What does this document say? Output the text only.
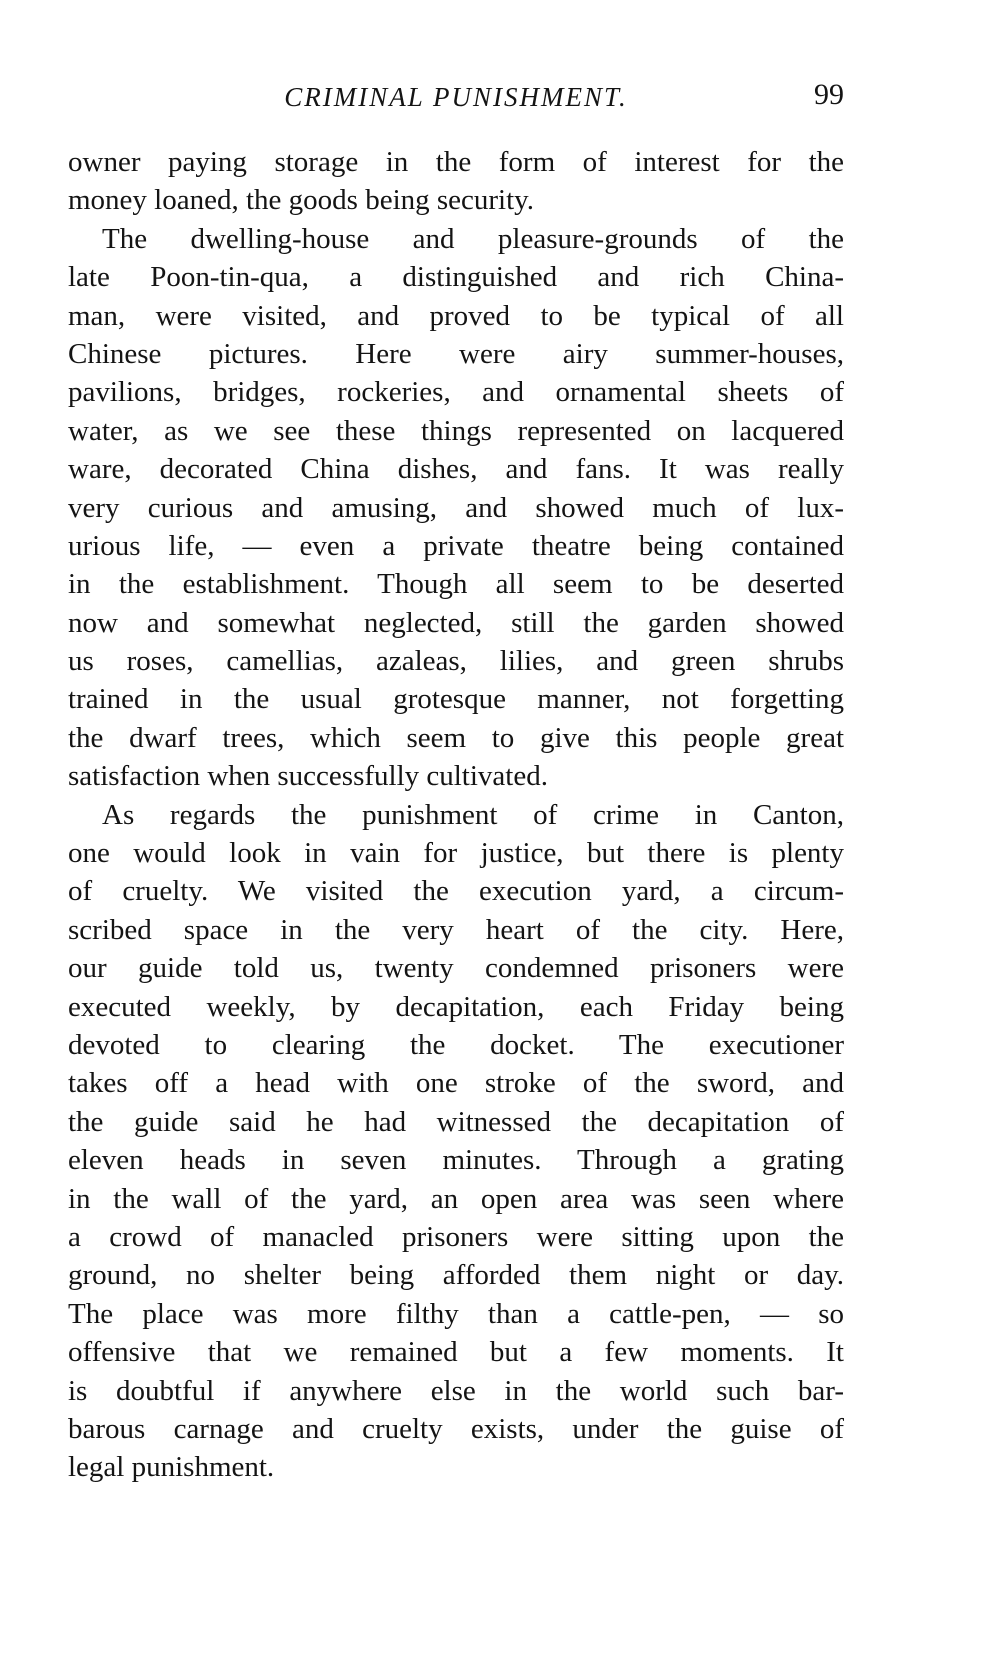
CRIMINAL PUNISHMENT.	99
owner paying storage in the form of interest for the
money loaned, the goods being security.
The dwelling-house and pleasure-grounds of the
late Poon-tin-qua, a distinguished and rich China-
man, were visited, and proved to be typical of all
Chinese pictures. Here were airy summer-houses,
pavilions, bridges, rockeries, and ornamental sheets of
water, as we see these things represented on lacquered
ware, decorated China dishes, and fans. It was really
very curious and amusing, and showed much of lux-
urious life, — even a private theatre being contained
in the establishment. Though all seem to be deserted
now and somewhat neglected, still the garden showed
us roses, camellias, azaleas, lilies, and green shrubs
trained in the usual grotesque manner, not forgetting
the dwarf trees, which seem to give this people great
satisfaction when successfully cultivated.
As regards the punishment of crime in Canton,
one would look in vain for justice, but there is plenty
of cruelty. We visited the execution yard, a circum-
scribed space in the very heart of the city. Here,
our guide told us, twenty condemned prisoners were
executed weekly, by decapitation, each Friday being
devoted to clearing the docket. The executioner
takes off a head with one stroke of the sword, and
the guide said he had witnessed the decapitation of
eleven heads in seven minutes. Through a grating
in the wall of the yard, an open area was seen where
a crowd of manacled prisoners were sitting upon the
ground, no shelter being afforded them night or day.
The place was more filthy than a cattle-pen, — so
offensive that we remained but a few moments. It
is doubtful if anywhere else in the world such bar-
barous carnage and cruelty exists, under the guise of
legal punishment.
